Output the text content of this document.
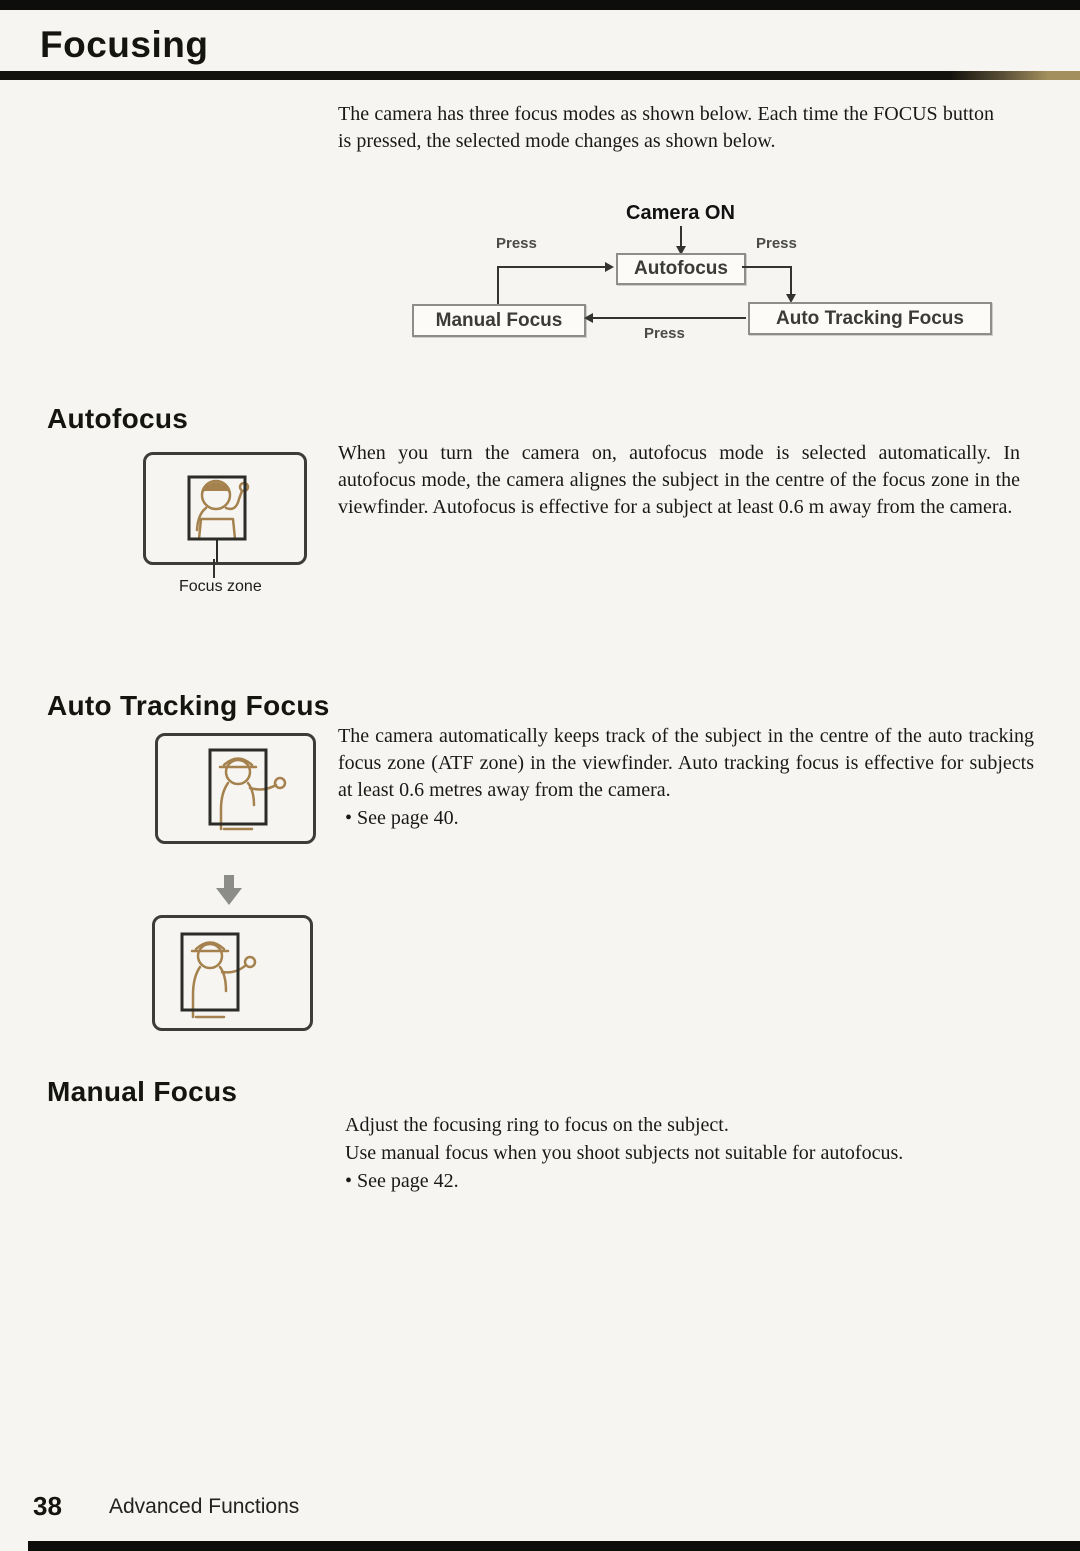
Focusing
The camera has three focus modes as shown below. Each time the FOCUS button is pressed, the selected mode changes as shown below.
Camera ON
Press	Press
Autofocus
Manual Focus	Auto Tracking Focus
Press
Autofocus
Focus zone
When you turn the camera on, autofocus mode is selected automatically. In autofocus mode, the camera alignes the subject in the centre of the focus zone in the viewfinder. Autofocus is effective for a subject at least 0.6 m away from the camera.
Auto Tracking Focus
The camera automatically keeps track of the subject in the centre of the auto tracking focus zone (ATF zone) in the viewfinder. Auto tracking focus is effective for subjects at least 0.6 metres away from the camera.
• See page 40.
Manual Focus
Adjust the focusing ring to focus on the subject.
Use manual focus when you shoot subjects not suitable for autofocus.
• See page 42.
38 Advanced Functions
